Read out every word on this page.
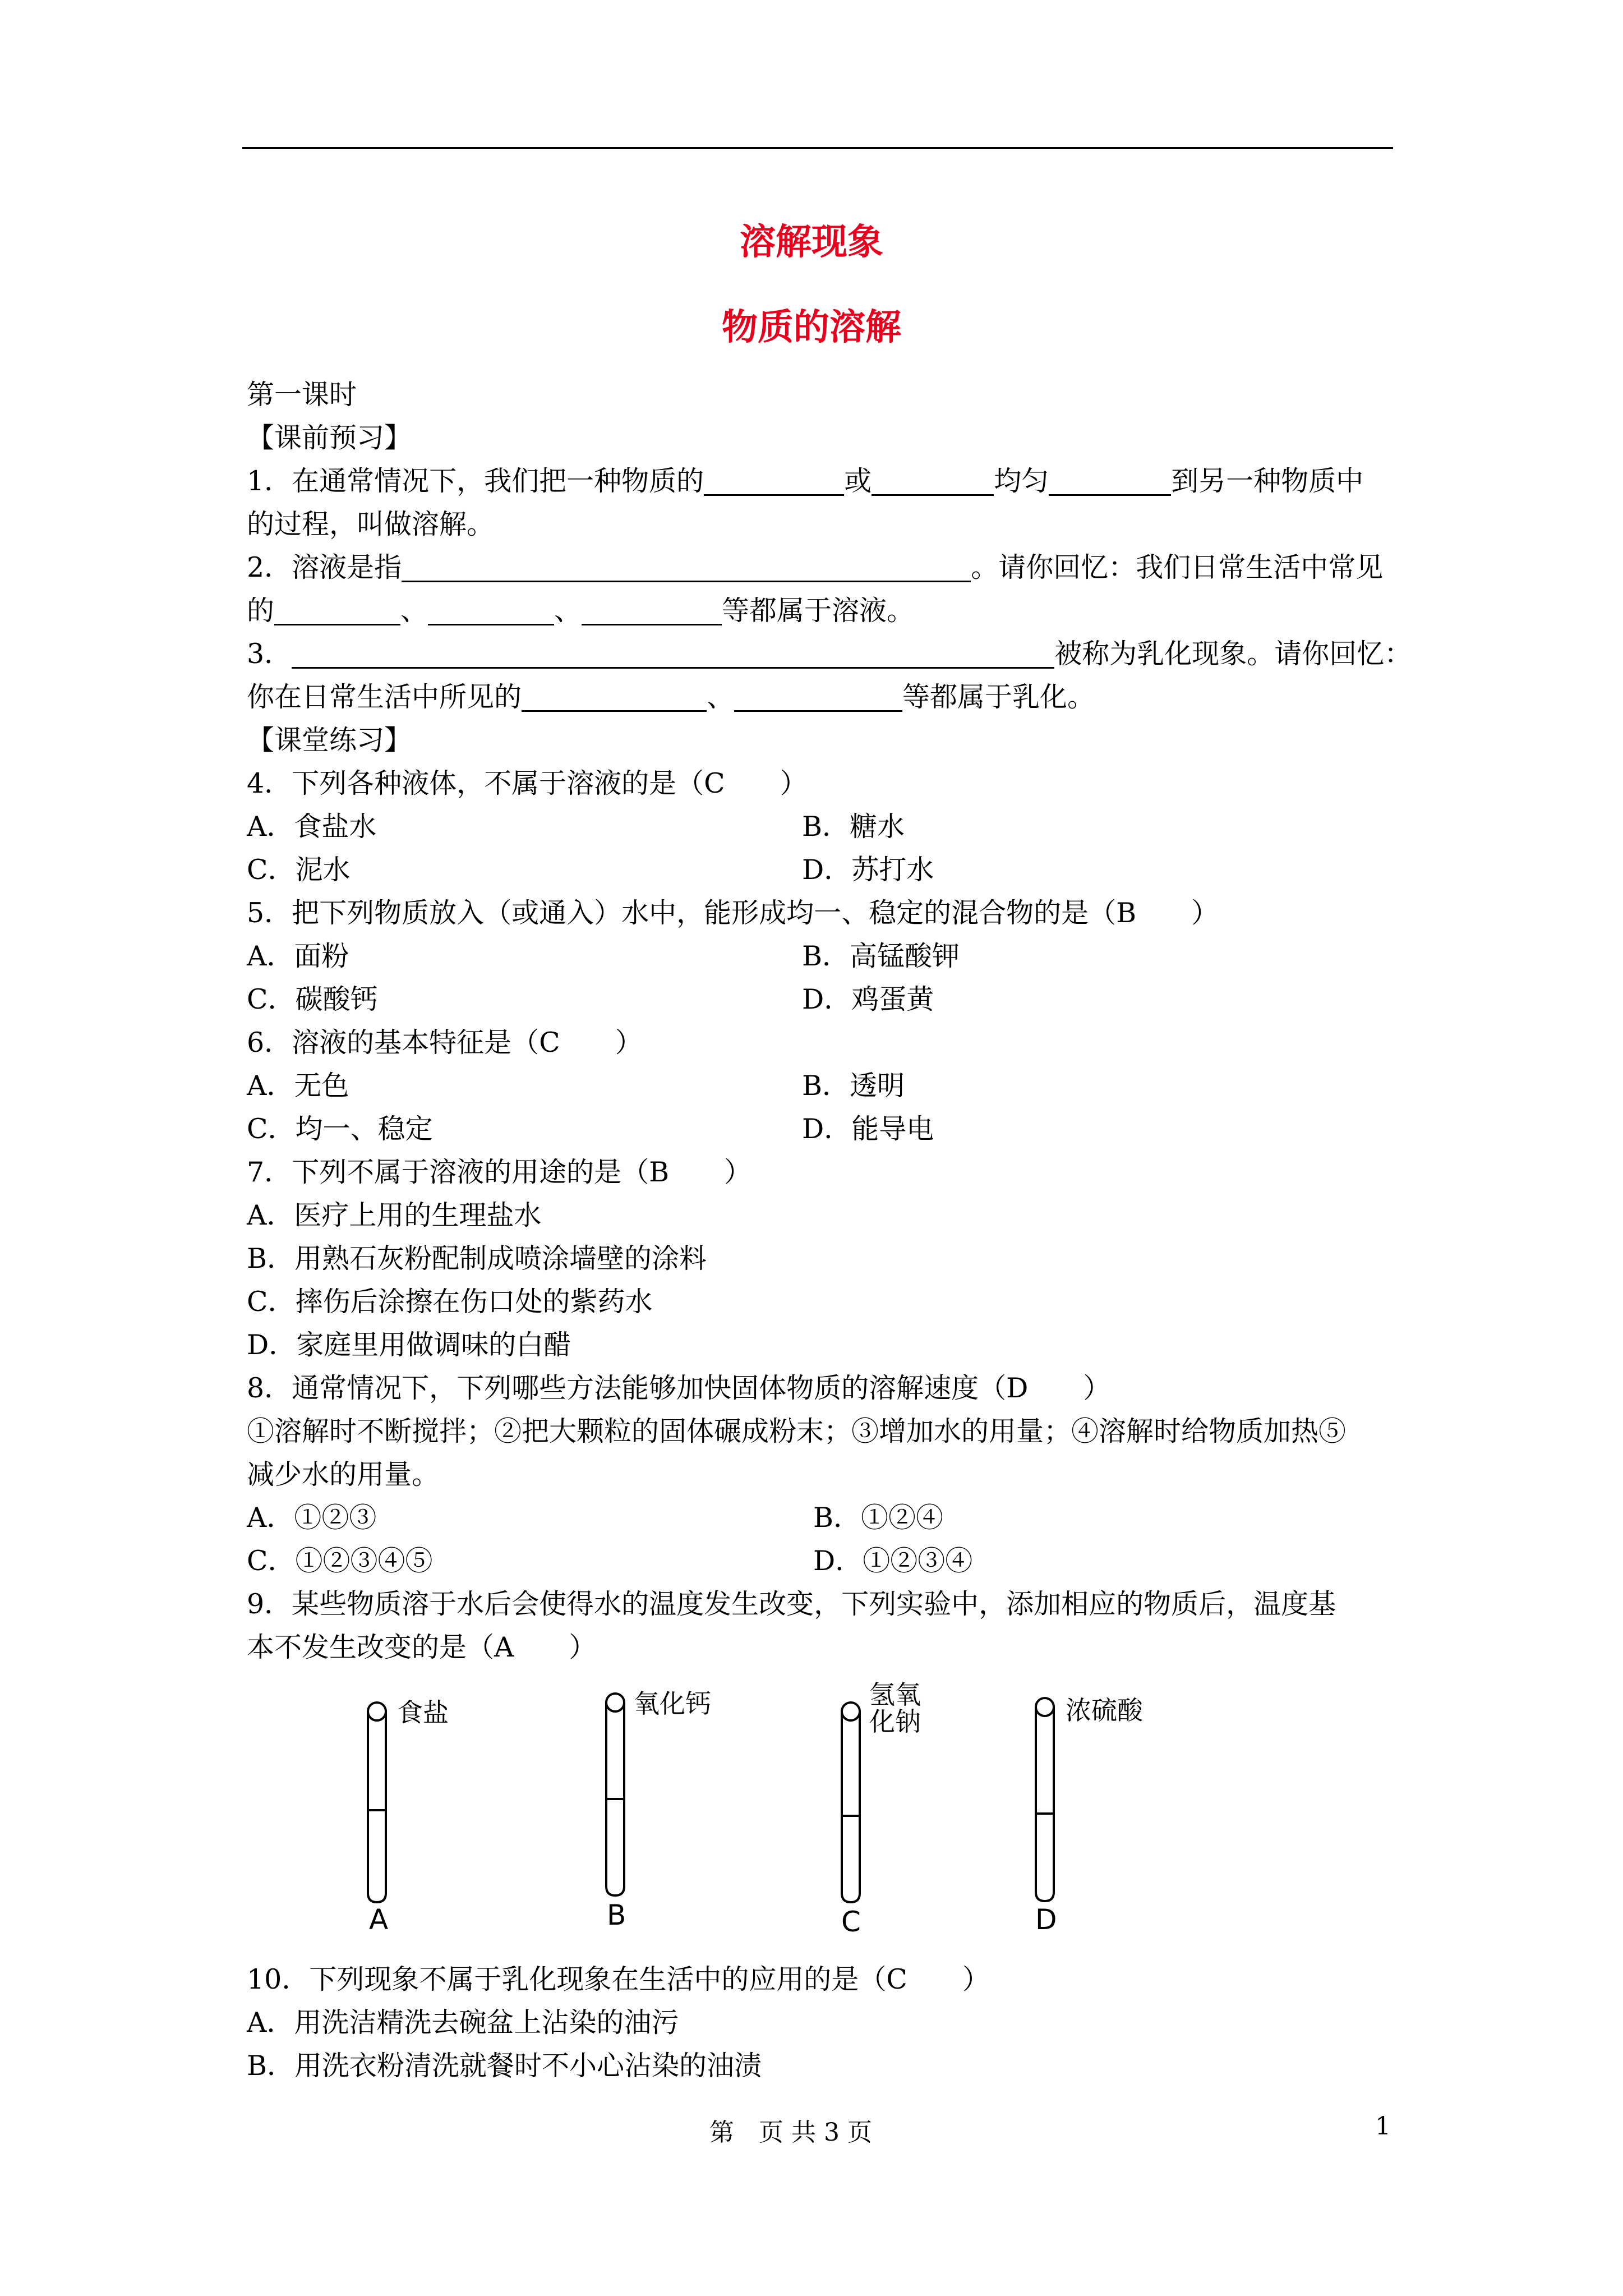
溶解现象
物质的溶解
第一课时
【课前预习】
1．在通常情况下，我们把一种物质的	或	均匀	到另一种物质中
的过程，叫做溶解。
2．溶液是指	。请你回忆：我们日常生活中常见
的	、	、	等都属于溶液。
3．	被称为乳化现象。请你回忆：
你在日常生活中所见的	、	等都属于乳化。
【课堂练习】
4．下列各种液体，不属于溶液的是（C　　）
A．食盐水	B．糖水
C．泥水	D．苏打水
5．把下列物质放入（或通入）水中，能形成均一、稳定的混合物的是（B　　）
A．面粉	B．高锰酸钾
C．碳酸钙	D．鸡蛋黄
6．溶液的基本特征是（C　　）
A．无色	B．透明
C．均一、稳定	D．能导电
7．下列不属于溶液的用途的是（B　　）
A．医疗上用的生理盐水
B．用熟石灰粉配制成喷涂墙壁的涂料
C．摔伤后涂擦在伤口处的紫药水
D．家庭里用做调味的白醋
8．通常情况下，下列哪些方法能够加快固体物质的溶解速度（D　　）
①溶解时不断搅拌；②把大颗粒的固体碾成粉末；③增加水的用量；④溶解时给物质加热⑤
减少水的用量。
A．①②③	B．①②④
C．①②③④⑤	D．①②③④
9．某些物质溶于水后会使得水的温度发生改变，下列实验中，添加相应的物质后，温度基
本不发生改变的是（A　　）
食盐	氧化钙	氢氧
化钠	浓硫酸
A	B	C	D
10．下列现象不属于乳化现象在生活中的应用的是（C　　）
A．用洗洁精洗去碗盆上沾染的油污
B．用洗衣粉清洗就餐时不小心沾染的油渍
第　页 共 3 页	1
